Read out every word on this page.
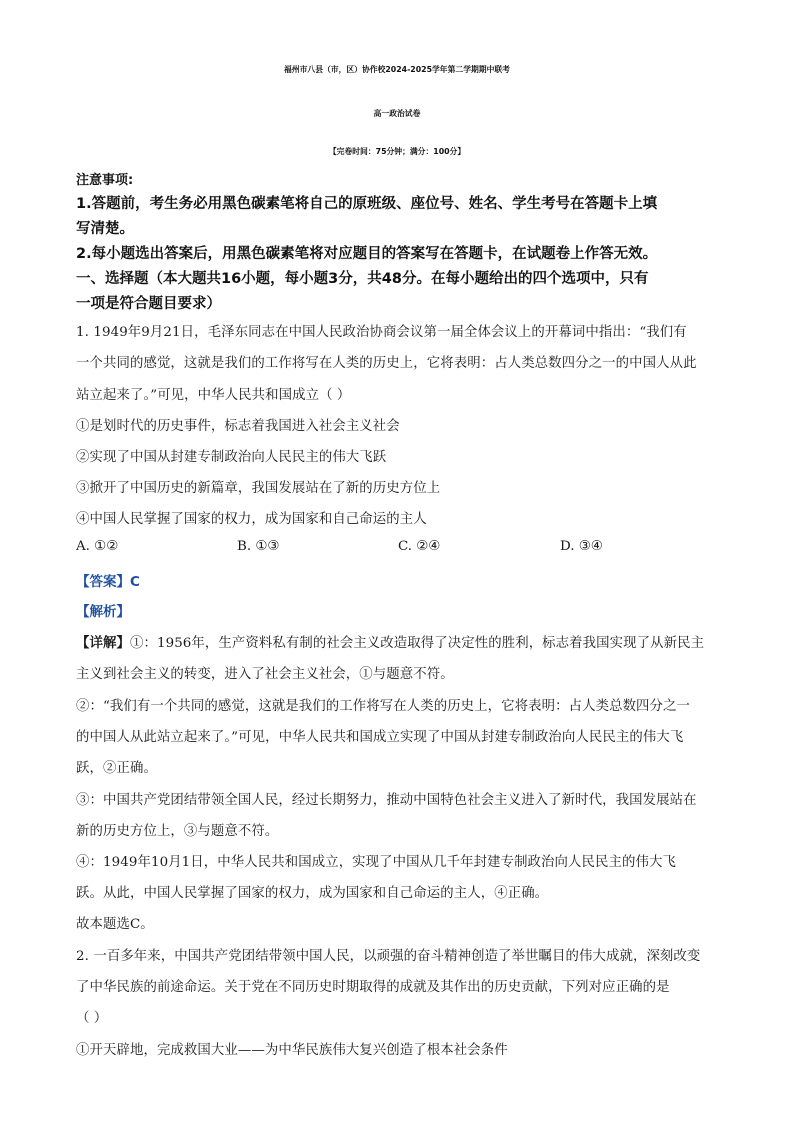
福州市八县（市，区）协作校2024-2025学年第二学期期中联考
高一政治试卷
【完卷时间：75分钟；满分：100分】
注意事项:
1.答题前，考生务必用黑色碳素笔将自己的原班级、座位号、姓名、学生考号在答题卡上填
写清楚。
2.每小题选出答案后，用黑色碳素笔将对应题目的答案写在答题卡，在试题卷上作答无效。
一、选择题（本大题共16小题，每小题3分，共48分。在每小题给出的四个选项中，只有
一项是符合题目要求）
1. 1949年9月21日，毛泽东同志在中国人民政治协商会议第一届全体会议上的开幕词中指出：“我们有
一个共同的感觉，这就是我们的工作将写在人类的历史上，它将表明：占人类总数四分之一的中国人从此
站立起来了。”可见，中华人民共和国成立（ ）
①是划时代的历史事件，标志着我国进入社会主义社会
②实现了中国从封建专制政治向人民民主的伟大飞跃
③掀开了中国历史的新篇章，我国发展站在了新的历史方位上
④中国人民掌握了国家的权力，成为国家和自己命运的主人
A. ①②	B. ①③	C. ②④	D. ③④
【答案】C
【解析】
【详解】①：1956年，生产资料私有制的社会主义改造取得了决定性的胜利，标志着我国实现了从新民主
主义到社会主义的转变，进入了社会主义社会，①与题意不符。
②：“我们有一个共同的感觉，这就是我们的工作将写在人类的历史上，它将表明：占人类总数四分之一
的中国人从此站立起来了。”可见，中华人民共和国成立实现了中国从封建专制政治向人民民主的伟大飞
跃，②正确。
③：中国共产党团结带领全国人民，经过长期努力，推动中国特色社会主义进入了新时代，我国发展站在
新的历史方位上，③与题意不符。
④：1949年10月1日，中华人民共和国成立，实现了中国从几千年封建专制政治向人民民主的伟大飞
跃。从此，中国人民掌握了国家的权力，成为国家和自己命运的主人，④正确。
故本题选C。
2. 一百多年来，中国共产党团结带领中国人民，以顽强的奋斗精神创造了举世瞩目的伟大成就，深刻改变
了中华民族的前途命运。关于党在不同历史时期取得的成就及其作出的历史贡献，下列对应正确的是
（ ）
①开天辟地，完成救国大业——为中华民族伟大复兴创造了根本社会条件
